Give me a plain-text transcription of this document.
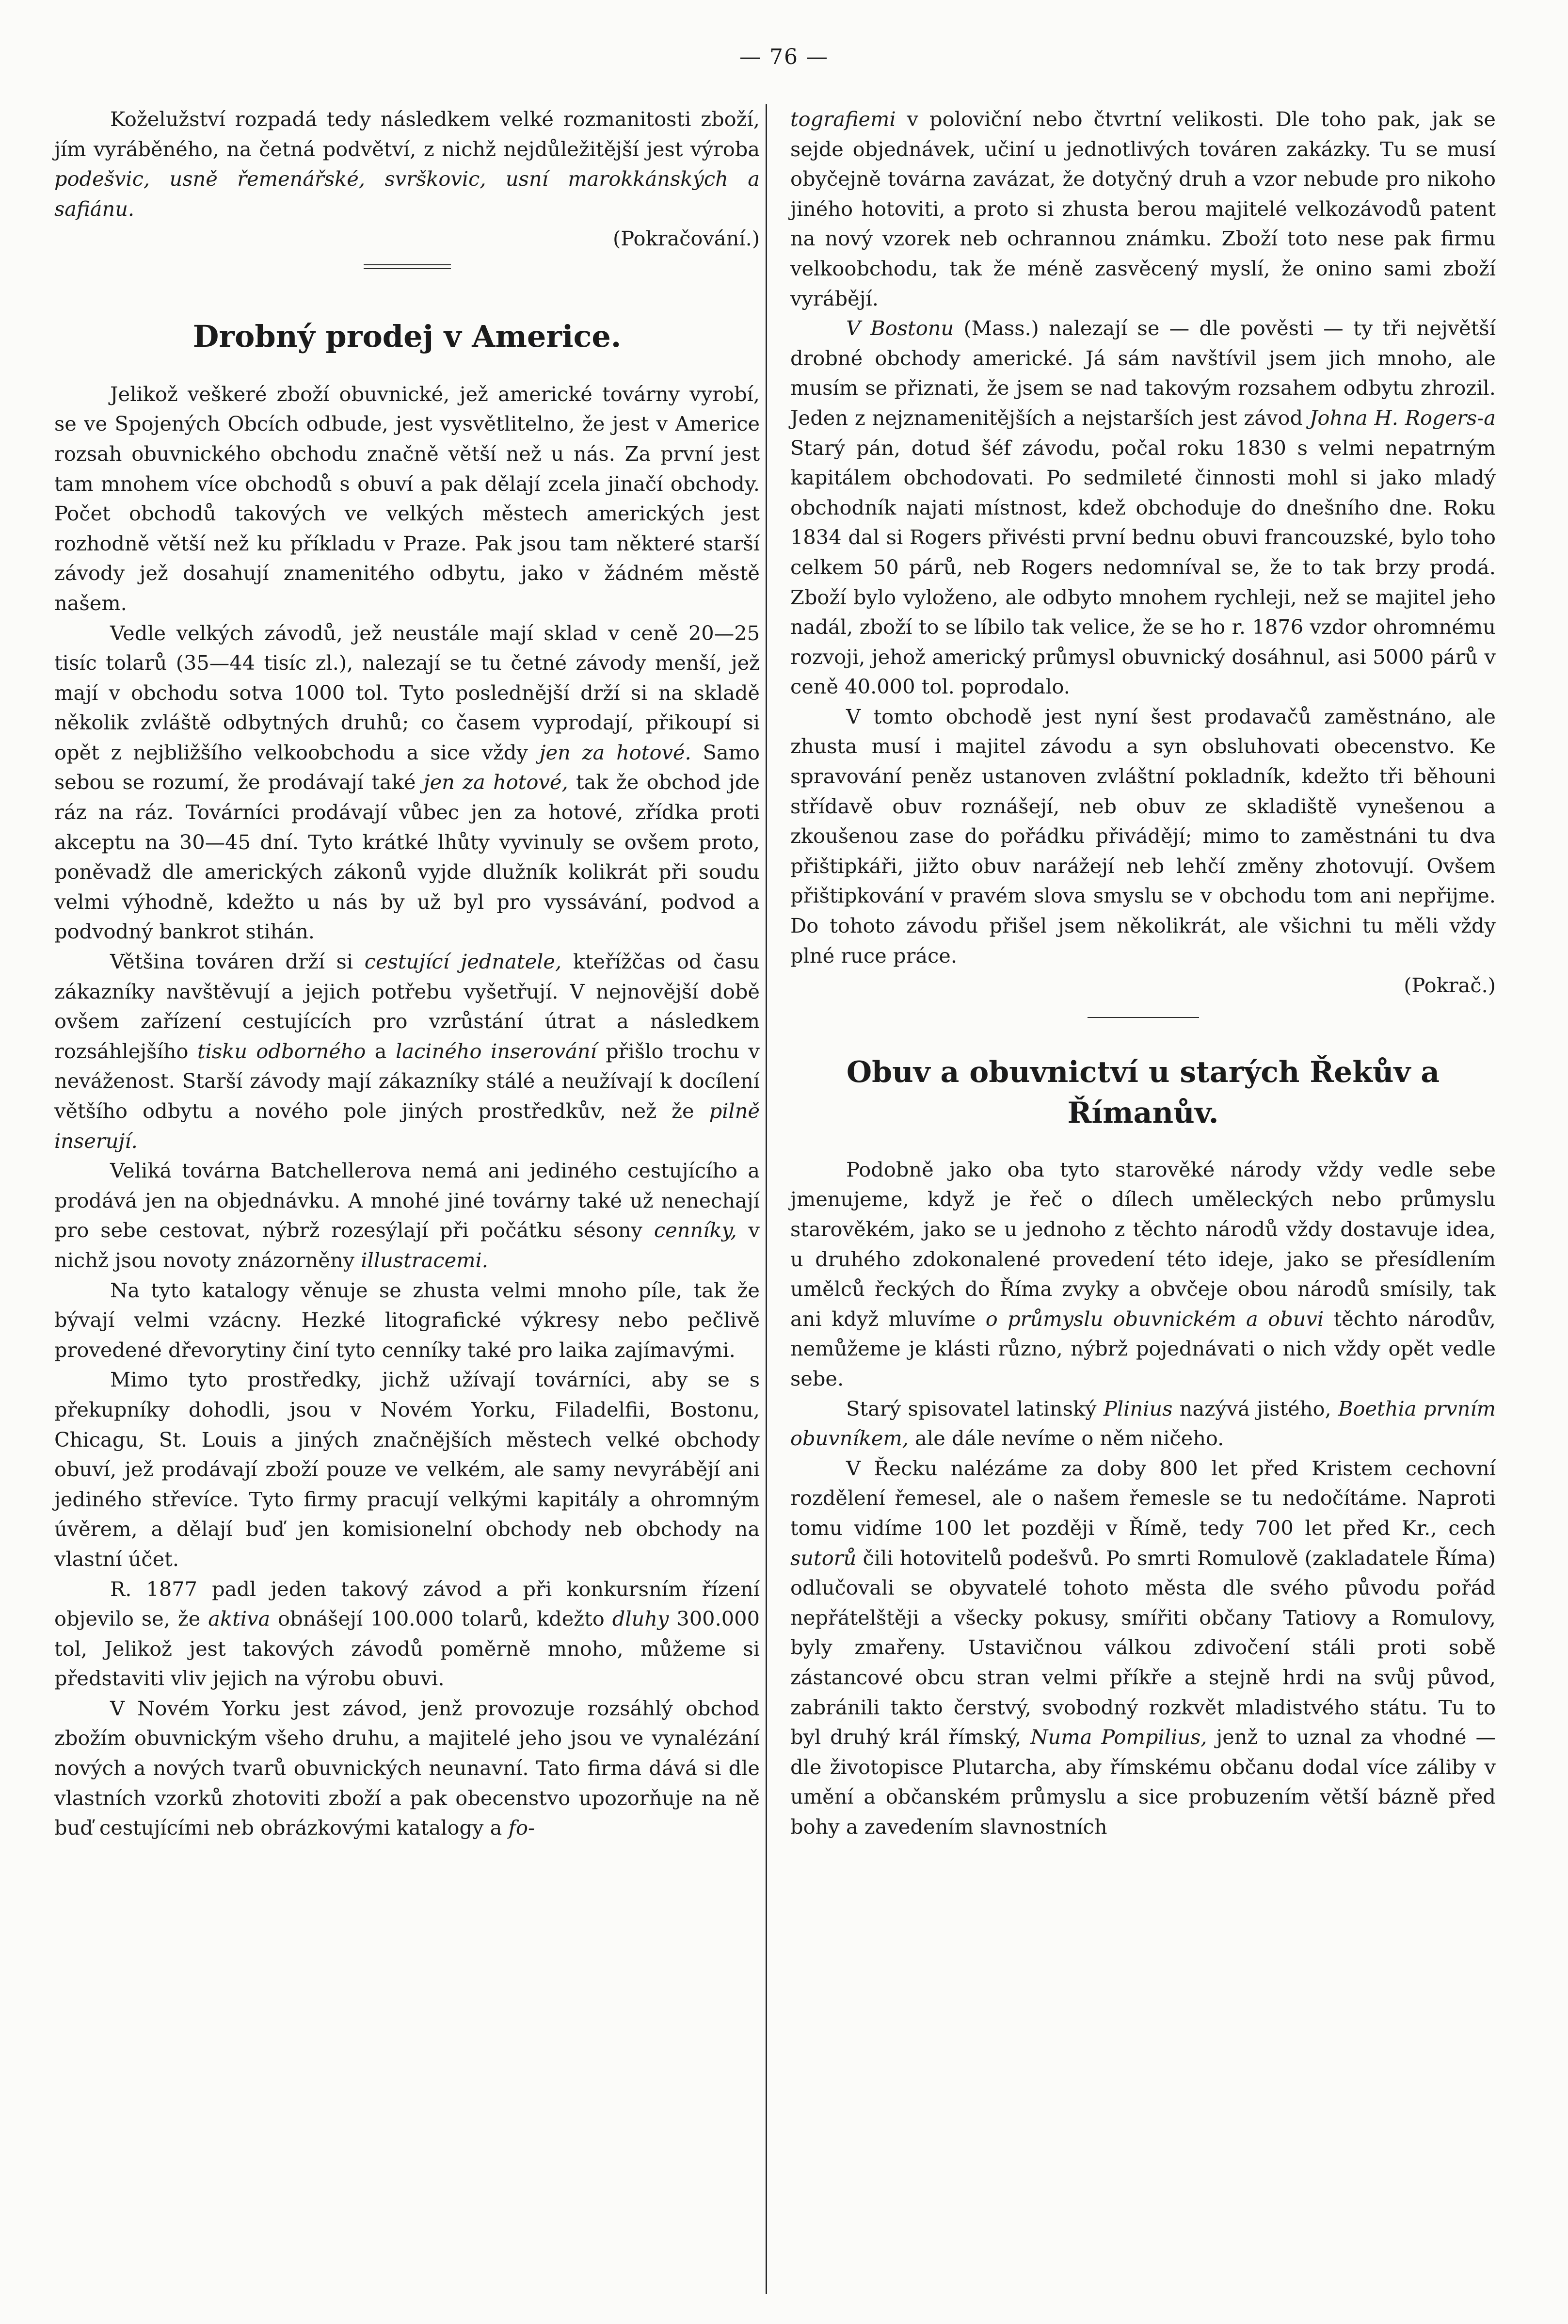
— 76 —

Koželužství rozpadá tedy následkem velké rozmanitosti zboží, jím vyráběného, na četná podvětví, z nichž nejdůležitější jest výroba podešvic, usně řemenářské, svrškovic, usní marokkánských a safiánu.

(Pokračování.)
Drobný prodej v Americe.

Jelikož veškeré zboží obuvnické, jež americké továrny vyrobí, se ve Spojených Obcích odbude, jest vysvětlitelno, že jest v Americe rozsah obuvnického obchodu značně větší než u nás. Za první jest tam mnohem více obchodů s obuví a pak dělají zcela jinačí obchody. Počet obchodů takových ve velkých městech amerických jest rozhodně větší než ku příkladu v Praze. Pak jsou tam některé starší závody jež dosahují znamenitého odbytu, jako v žádném městě našem.

Vedle velkých závodů, jež neustále mají sklad v ceně 20—25 tisíc tolarů (35—44 tisíc zl.), nalezají se tu četné závody menší, jež mají v obchodu sotva 1000 tol. Tyto poslednější drží si na skladě několik zvláště odbytných druhů; co časem vyprodají, přikoupí si opět z nejbližšího velkoobchodu a sice vždy jen za hotové. Samo sebou se rozumí, že prodávají také jen za hotové, tak že obchod jde ráz na ráz. Továrníci prodávají vůbec jen za hotové, zřídka proti akceptu na 30—45 dní. Tyto krátké lhůty vyvinuly se ovšem proto, poněvadž dle amerických zákonů vyjde dlužník kolikrát při soudu velmi výhodně, kdežto u nás by už byl pro vyssávání, podvod a podvodný bankrot stihán.

Většina továren drží si cestující jednatele, kteřížčas od času zákazníky navštěvují a jejich potřebu vyšetřují. V nejnovější době ovšem zařízení cestujících pro vzrůstání útrat a následkem rozsáhlejšího tisku odborného a laciného inserování přišlo trochu v neváženost. Starší závody mají zákazníky stálé a neužívají k docílení většího odbytu a nového pole jiných prostředkův, než že pilně inserují.

Veliká továrna Batchellerova nemá ani jediného cestujícího a prodává jen na objednávku. A mnohé jiné továrny také už nenechají pro sebe cestovat, nýbrž rozesýlají při počátku sésony cenníky, v nichž jsou novoty znázorněny illustracemi.

Na tyto katalogy věnuje se zhusta velmi mnoho píle, tak že bývají velmi vzácny. Hezké litografické výkresy nebo pečlivě provedené dřevorytiny činí tyto cenníky také pro laika zajímavými.

Mimo tyto prostředky, jichž užívají továrníci, aby se s překupníky dohodli, jsou v Novém Yorku, Filadelfii, Bostonu, Chicagu, St. Louis a jiných značnějších městech velké obchody obuví, jež prodávají zboží pouze ve velkém, ale samy nevyrábějí ani jediného střevíce. Tyto firmy pracují velkými kapitály a ohromným úvěrem, a dělají buď jen komisionelní obchody neb obchody na vlastní účet.

R. 1877 padl jeden takový závod a při konkursním řízení objevilo se, že aktiva obnášejí 100.000 tolarů, kdežto dluhy 300.000 tol, Jelikož jest takových závodů poměrně mnoho, můžeme si představiti vliv jejich na výrobu obuvi.

V Novém Yorku jest závod, jenž provozuje rozsáhlý obchod zbožím obuvnickým všeho druhu, a majitelé jeho jsou ve vynalézání nových a nových tvarů obuvnických neunavní. Tato firma dává si dle vlastních vzorků zhotoviti zboží a pak obecenstvo upozorňuje na ně buď cestujícími neb obrázkovými katalogy a fo-

tografiemi v poloviční nebo čtvrtní velikosti. Dle toho pak, jak se sejde objednávek, učiní u jednotlivých továren zakázky. Tu se musí obyčejně továrna zavázat, že dotyčný druh a vzor nebude pro nikoho jiného hotoviti, a proto si zhusta berou majitelé velkozávodů patent na nový vzorek neb ochrannou známku. Zboží toto nese pak firmu velkoobchodu, tak že méně zasvěcený myslí, že onino sami zboží vyrábějí.

V Bostonu (Mass.) nalezají se — dle pověsti — ty tři největší drobné obchody americké. Já sám navštívil jsem jich mnoho, ale musím se přiznati, že jsem se nad takovým rozsahem odbytu zhrozil. Jeden z nejznamenitějších a nejstarších jest závod Johna H. Rogers-a Starý pán, dotud šéf závodu, počal roku 1830 s velmi nepatrným kapitálem obchodovati. Po sedmileté činnosti mohl si jako mladý obchodník najati místnost, kdež obchoduje do dnešního dne. Roku 1834 dal si Rogers přivésti první bednu obuvi francouzské, bylo toho celkem 50 párů, neb Rogers nedomníval se, že to tak brzy prodá. Zboží bylo vyloženo, ale odbyto mnohem rychleji, než se majitel jeho nadál, zboží to se líbilo tak velice, že se ho r. 1876 vzdor ohromnému rozvoji, jehož americký průmysl obuvnický dosáhnul, asi 5000 párů v ceně 40.000 tol. poprodalo.

V tomto obchodě jest nyní šest prodavačů zaměstnáno, ale zhusta musí i majitel závodu a syn obsluhovati obecenstvo. Ke spravování peněz ustanoven zvláštní pokladník, kdežto tři běhouni střídavě obuv roznášejí, neb obuv ze skladiště vynešenou a zkoušenou zase do pořádku přivádějí; mimo to zaměstnáni tu dva přištipkáři, jižto obuv narážejí neb lehčí změny zhotovují. Ovšem přištipkování v pravém slova smyslu se v obchodu tom ani nepřijme. Do tohoto závodu přišel jsem několikrát, ale všichni tu měli vždy plné ruce práce.

(Pokrač.)
Obuv a obuvnictví u starých Řekův a Římanův.

Podobně jako oba tyto starověké národy vždy vedle sebe jmenujeme, když je řeč o dílech uměleckých nebo průmyslu starověkém, jako se u jednoho z těchto národů vždy dostavuje idea, u druhého zdokonalené provedení této ideje, jako se přesídlením umělců řeckých do Říma zvyky a obvčeje obou národů smísily, tak ani když mluvíme o průmyslu obuvnickém a obuvi těchto národův, nemůžeme je klásti různo, nýbrž pojednávati o nich vždy opět vedle sebe.

Starý spisovatel latinský Plinius nazývá jistého, Boethia prvním obuvníkem, ale dále nevíme o něm ničeho.

V Řecku nalézáme za doby 800 let před Kristem cechovní rozdělení řemesel, ale o našem řemesle se tu nedočítáme. Naproti tomu vidíme 100 let později v Římě, tedy 700 let před Kr., cech sutorů čili hotovitelů podešvů. Po smrti Romulově (zakladatele Říma) odlučovali se obyvatelé tohoto města dle svého původu pořád nepřátelštěji a všecky pokusy, smířiti občany Tatiovy a Romulovy, byly zmařeny. Ustavičnou válkou zdivočení stáli proti sobě zástancové obcu stran velmi příkře a stejně hrdi na svůj původ, zabránili takto čerstvý, svobodný rozkvět mladistvého státu. Tu to byl druhý král římský, Numa Pompilius, jenž to uznal za vhodné — dle životopisce Plutarcha, aby římskému občanu dodal více záliby v umění a občanském průmyslu a sice probuzením větší bázně před bohy a zavedením slavnostních
